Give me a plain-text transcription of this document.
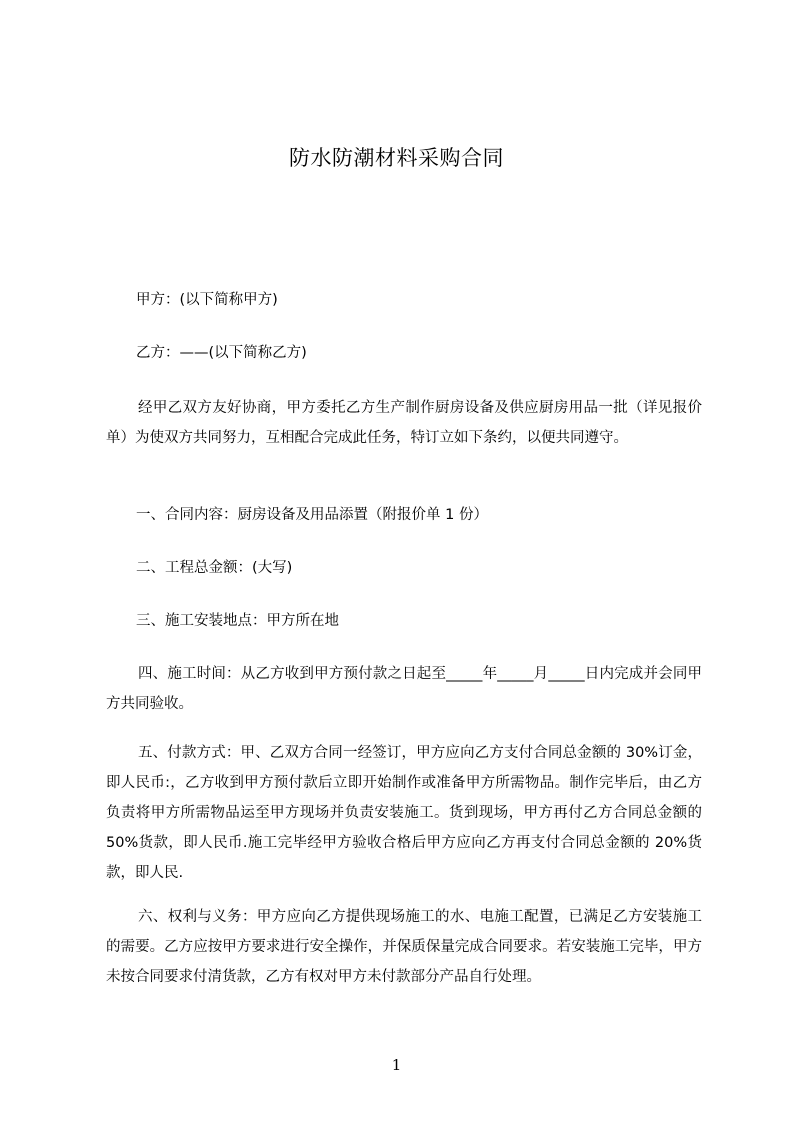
防水防潮材料采购合同
甲方：(以下简称甲方)
乙方：——(以下简称乙方)
经甲乙双方友好协商，甲方委托乙方生产制作厨房设备及供应厨房用品一批（详见报价单）为使双方共同努力，互相配合完成此任务，特订立如下条约，以便共同遵守。
一、合同内容：厨房设备及用品添置（附报价单 1 份）
二、工程总金额：(大写)
三、施工安装地点：甲方所在地
四、施工时间：从乙方收到甲方预付款之日起至_____年_____月_____日内完成并会同甲方共同验收。
五、付款方式：甲、乙双方合同一经签订，甲方应向乙方支付合同总金额的 30%订金，即人民币:，乙方收到甲方预付款后立即开始制作或准备甲方所需物品。制作完毕后，由乙方负责将甲方所需物品运至甲方现场并负责安装施工。货到现场，甲方再付乙方合同总金额的 50%货款，即人民币.施工完毕经甲方验收合格后甲方应向乙方再支付合同总金额的 20%货款，即人民.
六、权利与义务：甲方应向乙方提供现场施工的水、电施工配置，已满足乙方安装施工的需要。乙方应按甲方要求进行安全操作，并保质保量完成合同要求。若安装施工完毕，甲方未按合同要求付清货款，乙方有权对甲方未付款部分产品自行处理。
1
